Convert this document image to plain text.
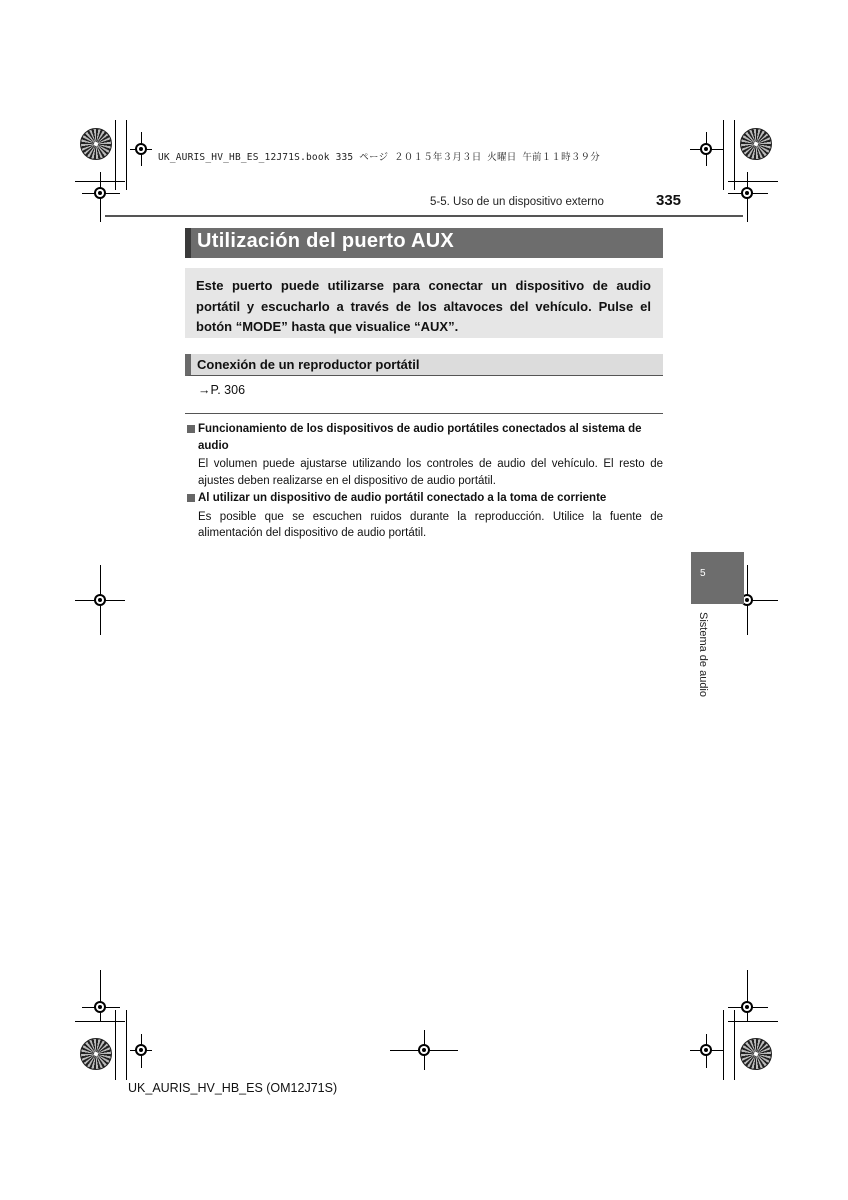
UK_AURIS_HV_HB_ES_12J71S.book 335 ページ ２０１５年３月３日 火曜日 午前１１時３９分
5-5. Uso de un dispositivo externo	335
Utilización del puerto AUX
Este puerto puede utilizarse para conectar un dispositivo de audio portátil y escucharlo a través de los altavoces del vehículo. Pulse el botón “MODE” hasta que visualice “AUX”.
Conexión de un reproductor portátil
→P. 306
Funcionamiento de los dispositivos de audio portátiles conectados al sistema de audio
El volumen puede ajustarse utilizando los controles de audio del vehículo. El resto de ajustes deben realizarse en el dispositivo de audio portátil.
Al utilizar un dispositivo de audio portátil conectado a la toma de corriente
Es posible que se escuchen ruidos durante la reproducción. Utilice la fuente de alimentación del dispositivo de audio portátil.
5
Sistema de audio
UK_AURIS_HV_HB_ES (OM12J71S)
